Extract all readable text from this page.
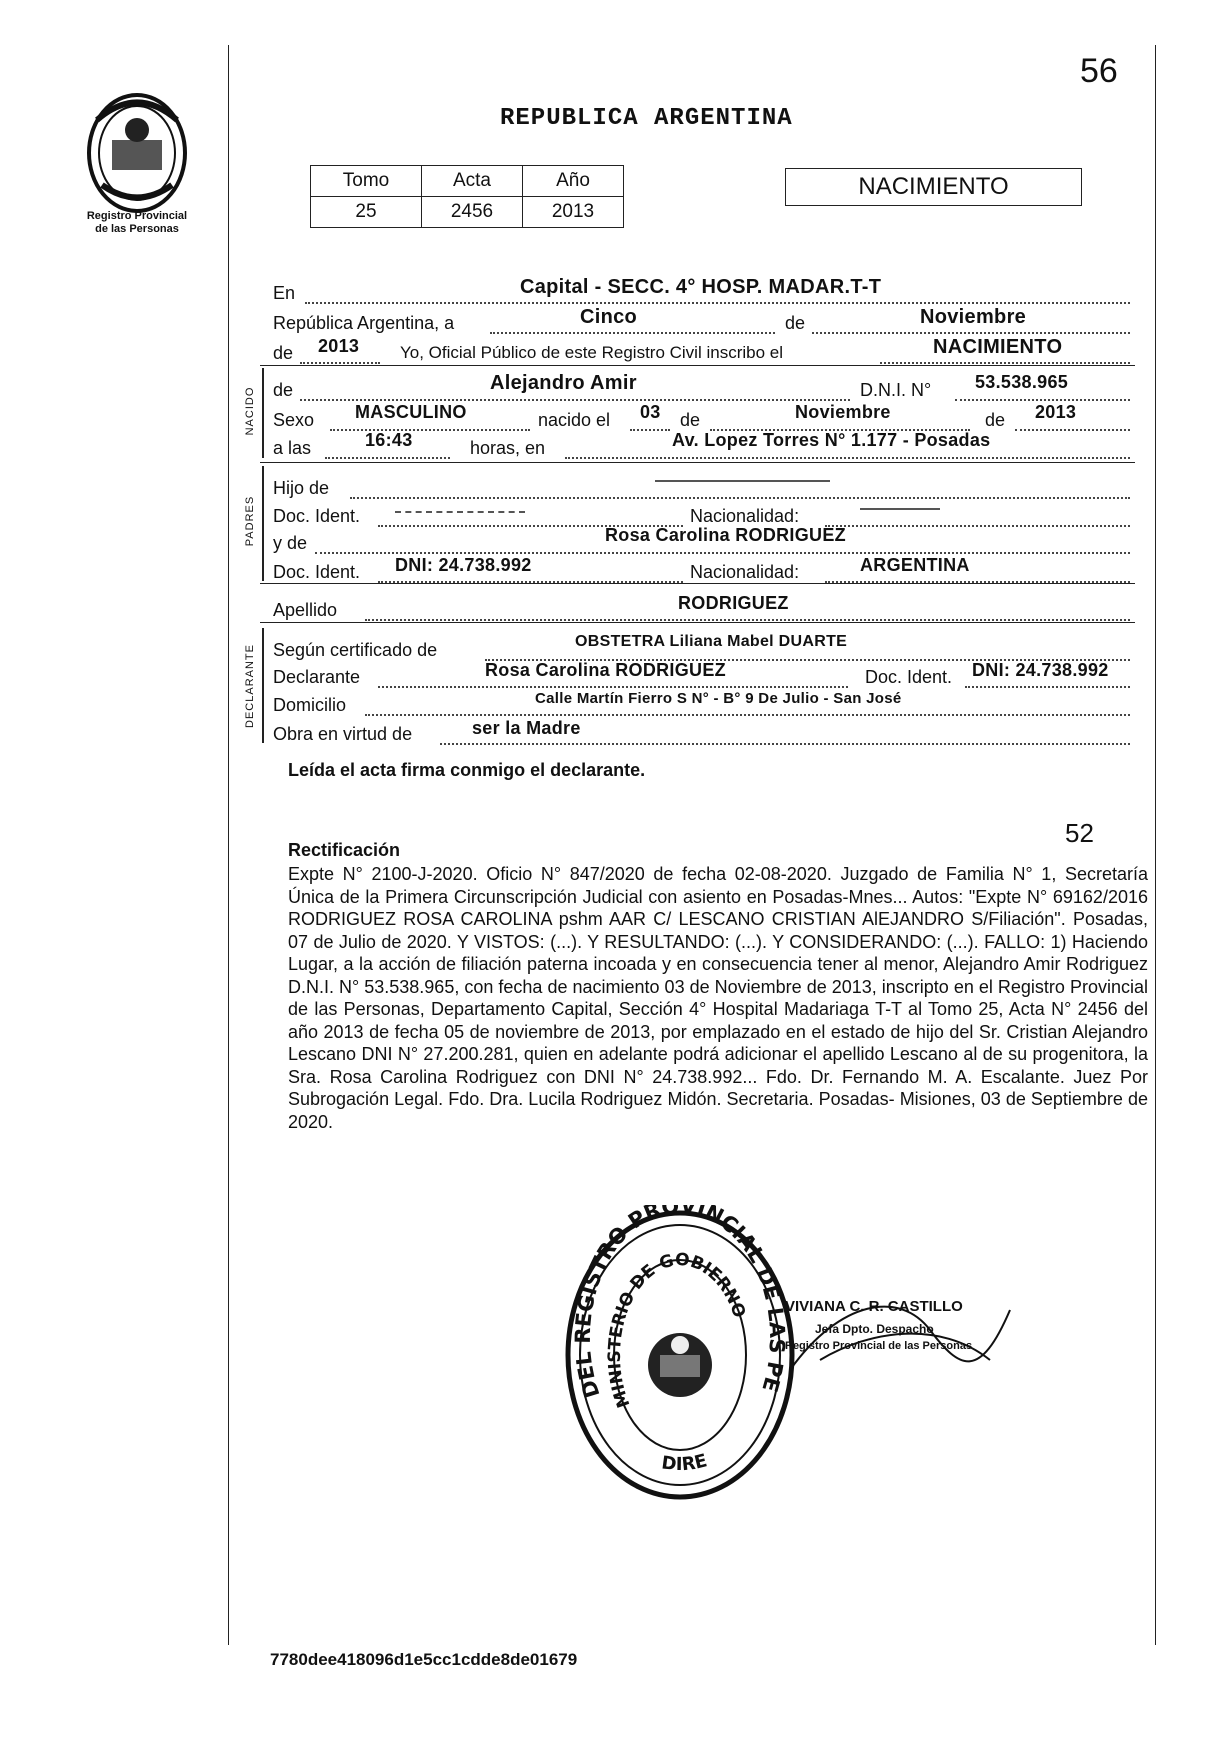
Registro Provincial
de las Personas
56
REPUBLICA ARGENTINA
Tomo	Acta	Año
25	2456	2013
NACIMIENTO
En	Capital - SECC. 4° HOSP. MADAR.T-T
República Argentina, a	Cinco	de	Noviembre
de 2013 Yo, Oficial Público de este Registro Civil inscribo el	NACIMIENTO
NACIDO de	Alejandro Amir	D.N.I. N° 53.538.965
Sexo MASCULINO	nacido el 03 de	Noviembre	de 2013
a las	16:43	horas, en	Av. Lopez Torres N° 1.177 - Posadas
PADRES
Hijo de
Doc. Ident.	Nacionalidad:
y de	Rosa Carolina RODRIGUEZ
Doc. Ident. DNI: 24.738.992	Nacionalidad:	ARGENTINA
Apellido	RODRIGUEZ
DECLARANTE Según certificado de	OBSTETRA Liliana Mabel DUARTE
Declarante	Rosa Carolina RODRIGUEZ	Doc. Ident. DNI: 24.738.992
Domicilio	Calle Martín Fierro S N° - B° 9 De Julio - San José
Obra en virtud de	ser la Madre
Leída el acta firma conmigo el declarante.
52
Rectificación

Expte N° 2100-J-2020. Oficio N° 847/2020 de fecha 02-08-2020. Juzgado de Familia N° 1, Secretaría Única de la Primera Circunscripción Judicial con asiento en Posadas-Mnes... Autos: "Expte N° 69162/2016 RODRIGUEZ ROSA CAROLINA pshm AAR C/ LESCANO CRISTIAN AlEJANDRO S/Filiación". Posadas, 07 de Julio de 2020. Y VISTOS: (...). Y RESULTANDO: (...). Y CONSIDERANDO: (...). FALLO: 1) Haciendo Lugar, a la acción de filiación paterna incoada y en consecuencia tener al menor, Alejandro Amir Rodriguez D.N.I. N° 53.538.965, con fecha de nacimiento 03 de Noviembre de 2013, inscripto en el Registro Provincial de las Personas, Departamento Capital, Sección 4° Hospital Madariaga T-T al Tomo 25, Acta N° 2456 del año 2013 de fecha 05 de noviembre de 2013, por emplazado en el estado de hijo del Sr. Cristian Alejandro Lescano DNI N° 27.200.281, quien en adelante podrá adicionar el apellido Lescano al de su progenitora, la Sra. Rosa Carolina Rodriguez con DNI N° 24.738.992... Fdo. Dr. Fernando M. A. Escalante. Juez Por Subrogación Legal. Fdo. Dra. Lucila Rodriguez Midón. Secretaria. Posadas- Misiones, 03 de Septiembre de 2020.

DEL REGISTRO PROVINCIAL DE LAS PE
MINISTERIO DE GOBIERNO
DIRE
VIVIANA C. R. CASTILLO
Jefa Dpto. Despacho
Registro Provincial de las Personas
7780dee418096d1e5cc1cdde8de01679
